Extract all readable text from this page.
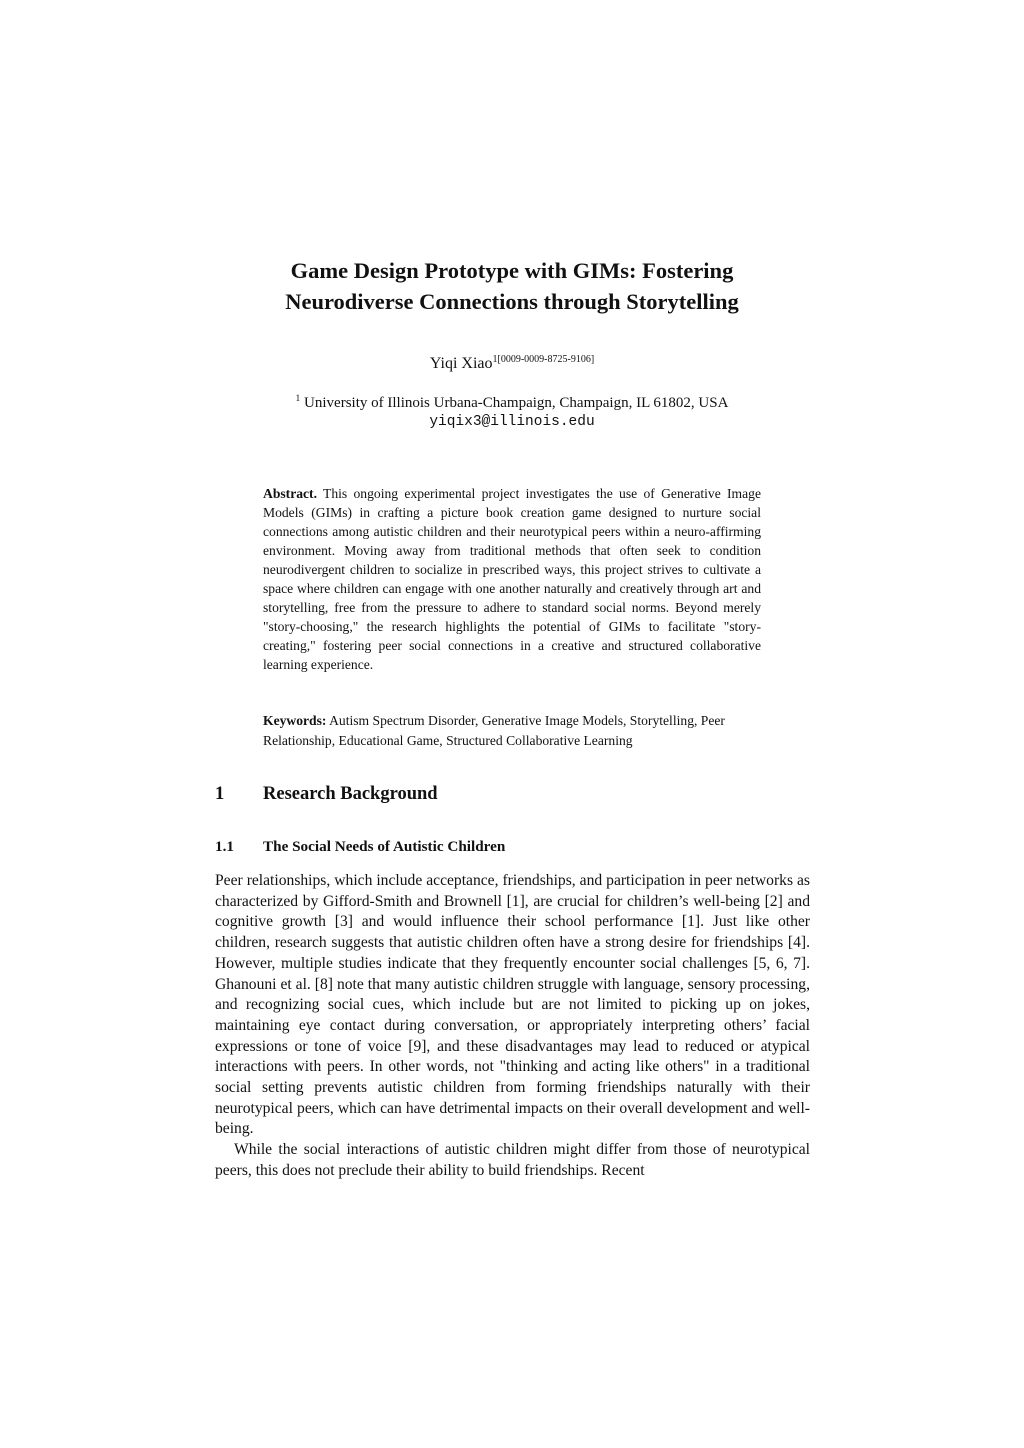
Game Design Prototype with GIMs: Fostering
Neurodiverse Connections through Storytelling
Yiqi Xiao$^{1[0009-0009-8725-9106]}$
$^1$ University of Illinois Urbana-Champaign, Champaign, IL 61802, USA
yiqix3@illinois.edu

Abstract. This ongoing experimental project investigates the use of Generative Image Models (GIMs) in crafting a picture book creation game designed to nurture social connections among autistic children and their neurotypical peers within a neuro-affirming environment. Moving away from traditional methods that often seek to condition neurodivergent children to socialize in prescribed ways, this project strives to cultivate a space where children can engage with one another naturally and creatively through art and storytelling, free from the pressure to adhere to standard social norms. Beyond merely "story-choosing," the research highlights the potential of GIMs to facilitate "story-creating," fostering peer social connections in a creative and structured collaborative learning experience.

Keywords: Autism Spectrum Disorder, Generative Image Models, Storytelling, Peer Relationship, Educational Game, Structured Collaborative Learning

1 Research Background
1.1 The Social Needs of Autistic Children

Peer relationships, which include acceptance, friendships, and participation in peer networks as characterized by Gifford-Smith and Brownell [1], are crucial for children’s well-being [2] and cognitive growth [3] and would influence their school performance [1]. Just like other children, research suggests that autistic children often have a strong desire for friendships [4]. However, multiple studies indicate that they frequently encounter social challenges [5, 6, 7]. Ghanouni et al. [8] note that many autistic children struggle with language, sensory processing, and recognizing social cues, which include but are not limited to picking up on jokes, maintaining eye contact during conversation, or appropriately interpreting others’ facial expressions or tone of voice [9], and these disadvantages may lead to reduced or atypical interactions with peers. In other words, not "thinking and acting like others" in a traditional social setting prevents autistic children from forming friendships naturally with their neurotypical peers, which can have detrimental impacts on their overall development and well-being.

While the social interactions of autistic children might differ from those of neurotypical peers, this does not preclude their ability to build friendships. Recent
